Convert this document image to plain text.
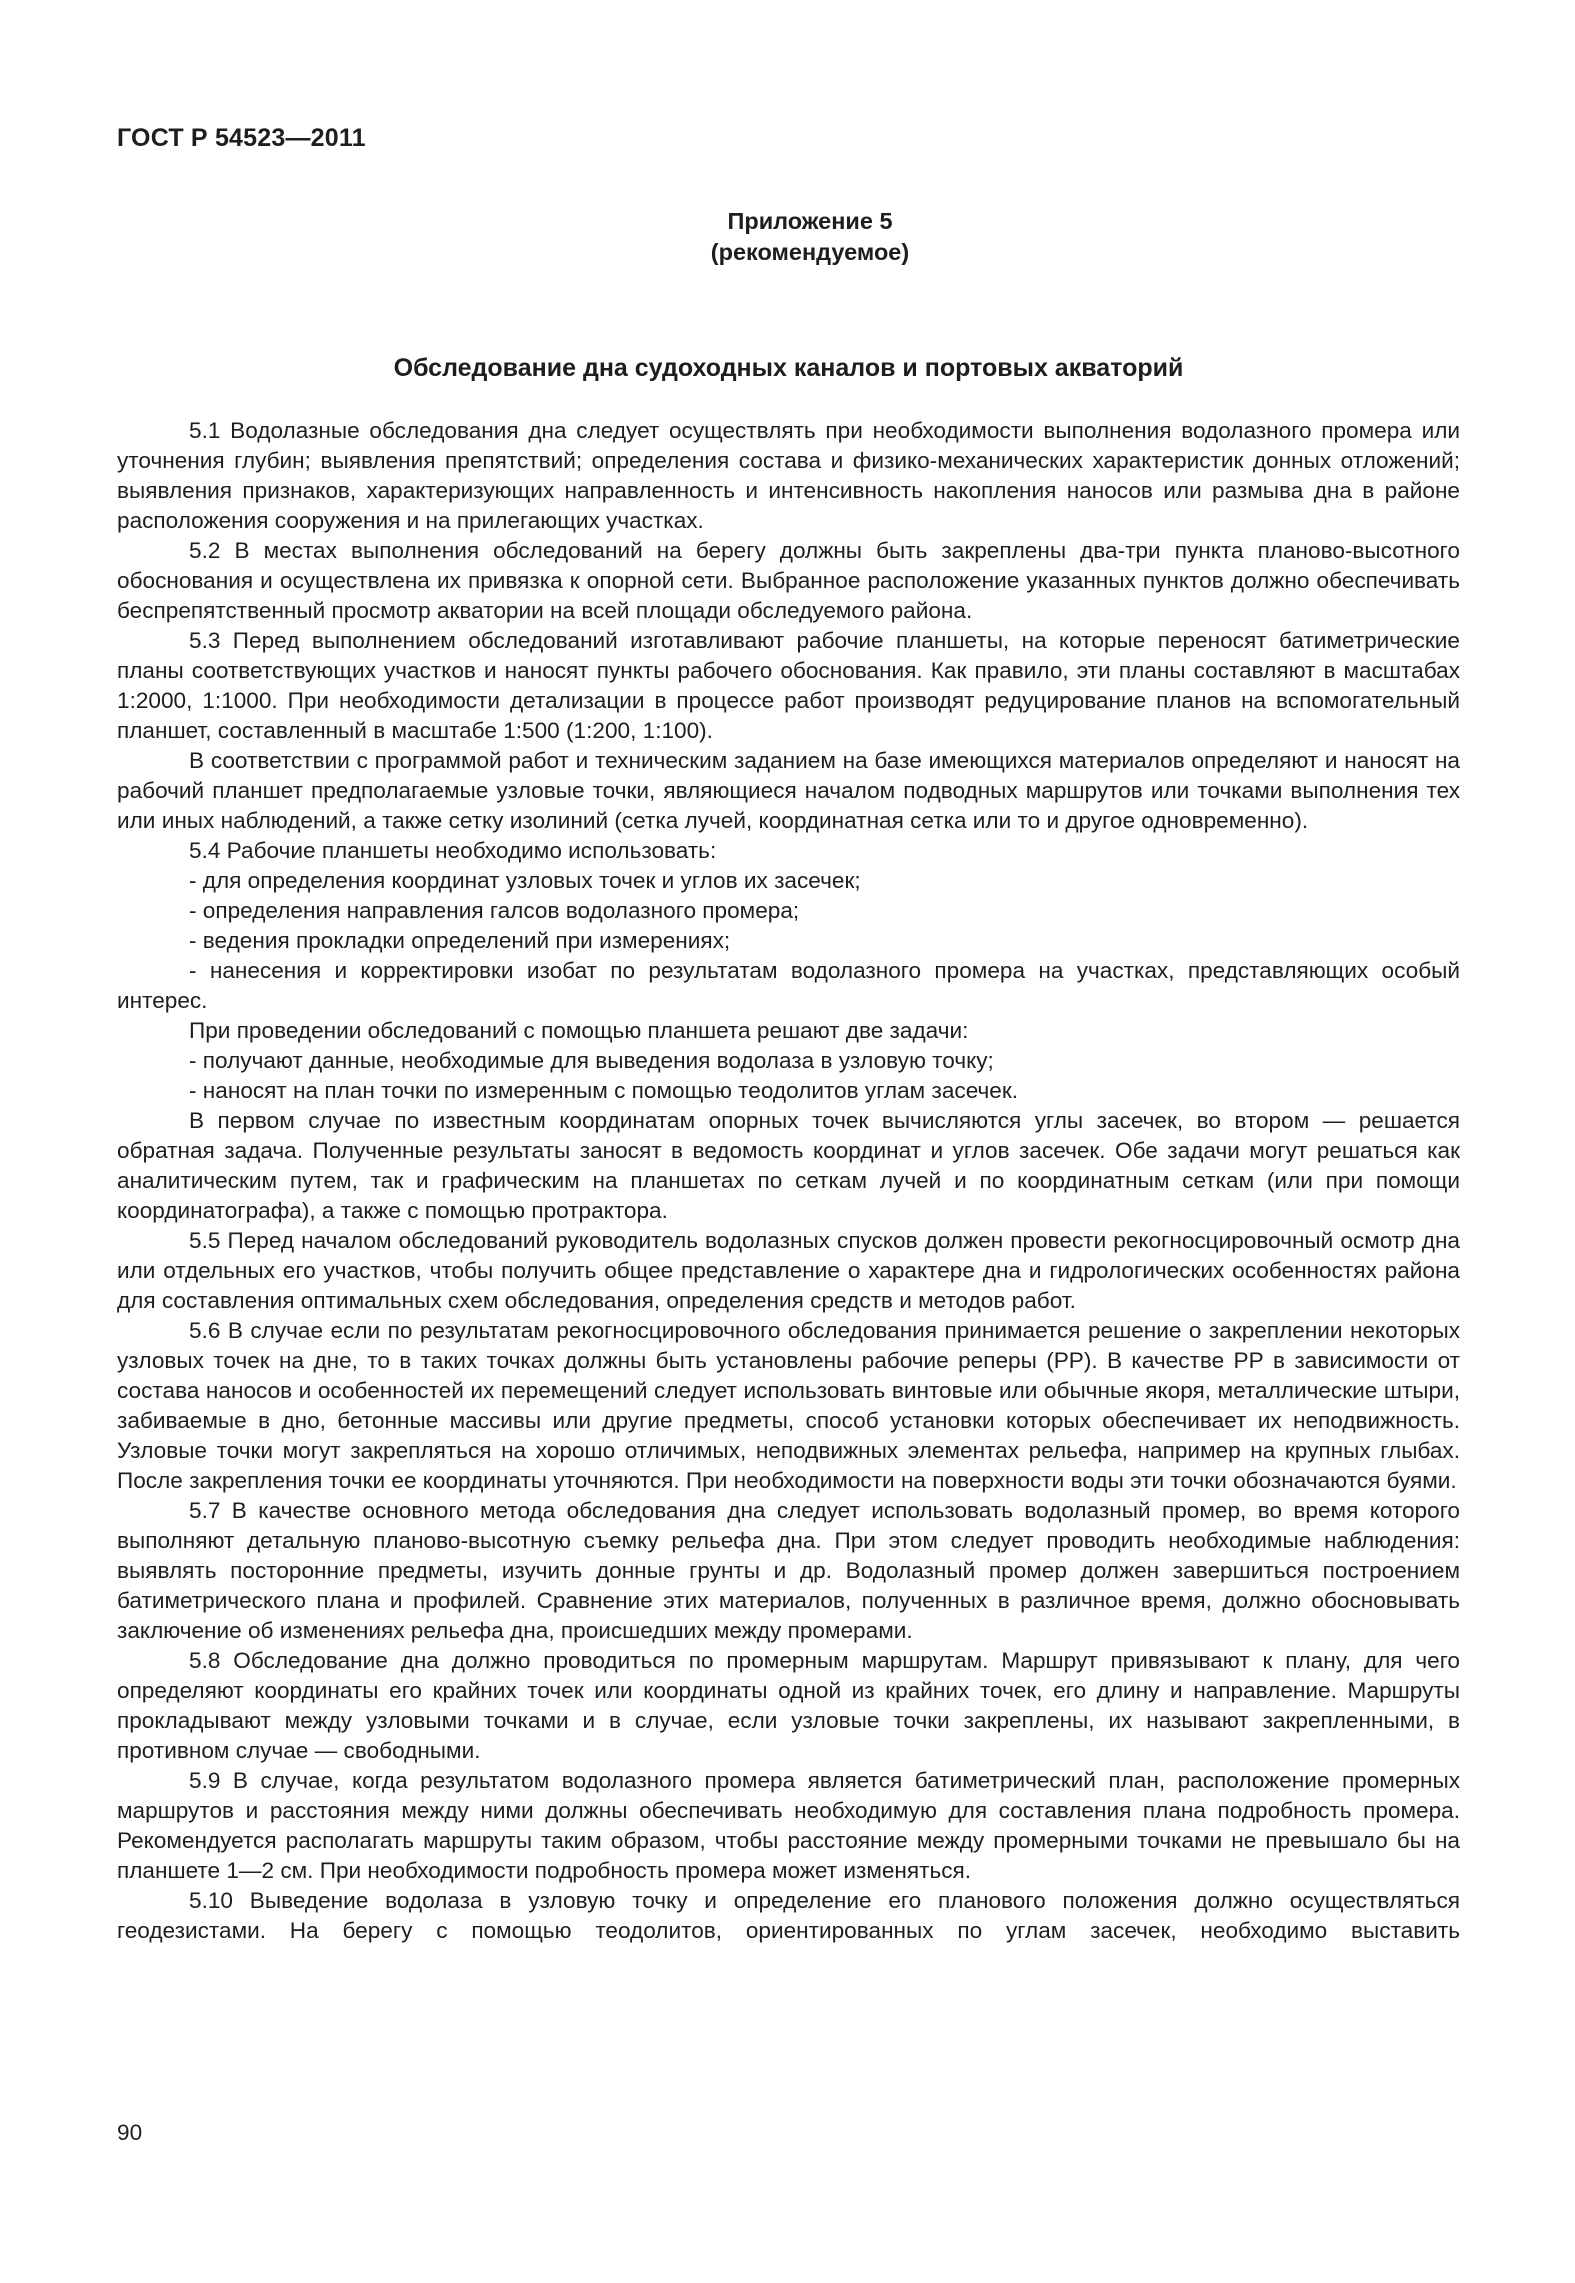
ГОСТ Р 54523—2011
Приложение 5
(рекомендуемое)
Обследование дна судоходных каналов и портовых акваторий

5.1 Водолазные обследования дна следует осуществлять при необходимости выполнения водолазного промера или уточнения глубин; выявления препятствий; определения состава и физико-механических характеристик донных отложений; выявления признаков, характеризующих направленность и интенсивность накопления наносов или размыва дна в районе расположения сооружения и на прилегающих участках.

5.2 В местах выполнения обследований на берегу должны быть закреплены два-три пункта планово-высотного обоснования и осуществлена их привязка к опорной сети. Выбранное расположение указанных пунктов должно обеспечивать беспрепятственный просмотр акватории на всей площади обследуемого района.

5.3 Перед выполнением обследований изготавливают рабочие планшеты, на которые переносят батиметрические планы соответствующих участков и наносят пункты рабочего обоснования. Как правило, эти планы составляют в масштабах 1:2000, 1:1000. При необходимости детализации в процессе работ производят редуцирование планов на вспомогательный планшет, составленный в масштабе 1:500 (1:200, 1:100).

В соответствии с программой работ и техническим заданием на базе имеющихся материалов определяют и наносят на рабочий планшет предполагаемые узловые точки, являющиеся началом подводных маршрутов или точками выполнения тех или иных наблюдений, а также сетку изолиний (сетка лучей, координатная сетка или то и другое одновременно).

5.4 Рабочие планшеты необходимо использовать:

- для определения координат узловых точек и углов их засечек;

- определения направления галсов водолазного промера;

- ведения прокладки определений при измерениях;

- нанесения и корректировки изобат по результатам водолазного промера на участках, представляющих особый интерес.

При проведении обследований с помощью планшета решают две задачи:

- получают данные, необходимые для выведения водолаза в узловую точку;

- наносят на план точки по измеренным с помощью теодолитов углам засечек.

В первом случае по известным координатам опорных точек вычисляются углы засечек, во втором — решается обратная задача. Полученные результаты заносят в ведомость координат и углов засечек. Обе задачи могут решаться как аналитическим путем, так и графическим на планшетах по сеткам лучей и по координатным сеткам (или при помощи координатографа), а также с помощью протрактора.

5.5 Перед началом обследований руководитель водолазных спусков должен провести рекогносцировочный осмотр дна или отдельных его участков, чтобы получить общее представление о характере дна и гидрологических особенностях района для составления оптимальных схем обследования, определения средств и методов работ.

5.6 В случае если по результатам рекогносцировочного обследования принимается решение о закреплении некоторых узловых точек на дне, то в таких точках должны быть установлены рабочие реперы (РР). В качестве РР в зависимости от состава наносов и особенностей их перемещений следует использовать винтовые или обычные якоря, металлические штыри, забиваемые в дно, бетонные массивы или другие предметы, способ установки которых обеспечивает их неподвижность. Узловые точки могут закрепляться на хорошо отличимых, неподвижных элементах рельефа, например на крупных глыбах. После закрепления точки ее координаты уточняются. При необходимости на поверхности воды эти точки обозначаются буями.

5.7 В качестве основного метода обследования дна следует использовать водолазный промер, во время которого выполняют детальную планово-высотную съемку рельефа дна. При этом следует проводить необходимые наблюдения: выявлять посторонние предметы, изучить донные грунты и др. Водолазный промер должен завершиться построением батиметрического плана и профилей. Сравнение этих материалов, полученных в различное время, должно обосновывать заключение об изменениях рельефа дна, происшедших между промерами.

5.8 Обследование дна должно проводиться по промерным маршрутам. Маршрут привязывают к плану, для чего определяют координаты его крайних точек или координаты одной из крайних точек, его длину и направление. Маршруты прокладывают между узловыми точками и в случае, если узловые точки закреплены, их называют закрепленными, в противном случае — свободными.

5.9 В случае, когда результатом водолазного промера является батиметрический план, расположение промерных маршрутов и расстояния между ними должны обеспечивать необходимую для составления плана подробность промера. Рекомендуется располагать маршруты таким образом, чтобы расстояние между промерными точками не превышало бы на планшете 1—2 см. При необходимости подробность промера может изменяться.

5.10 Выведение водолаза в узловую точку и определение его планового положения должно осуществляться геодезистами. На берегу с помощью теодолитов, ориентированных по углам засечек, необходимо выставить

90
